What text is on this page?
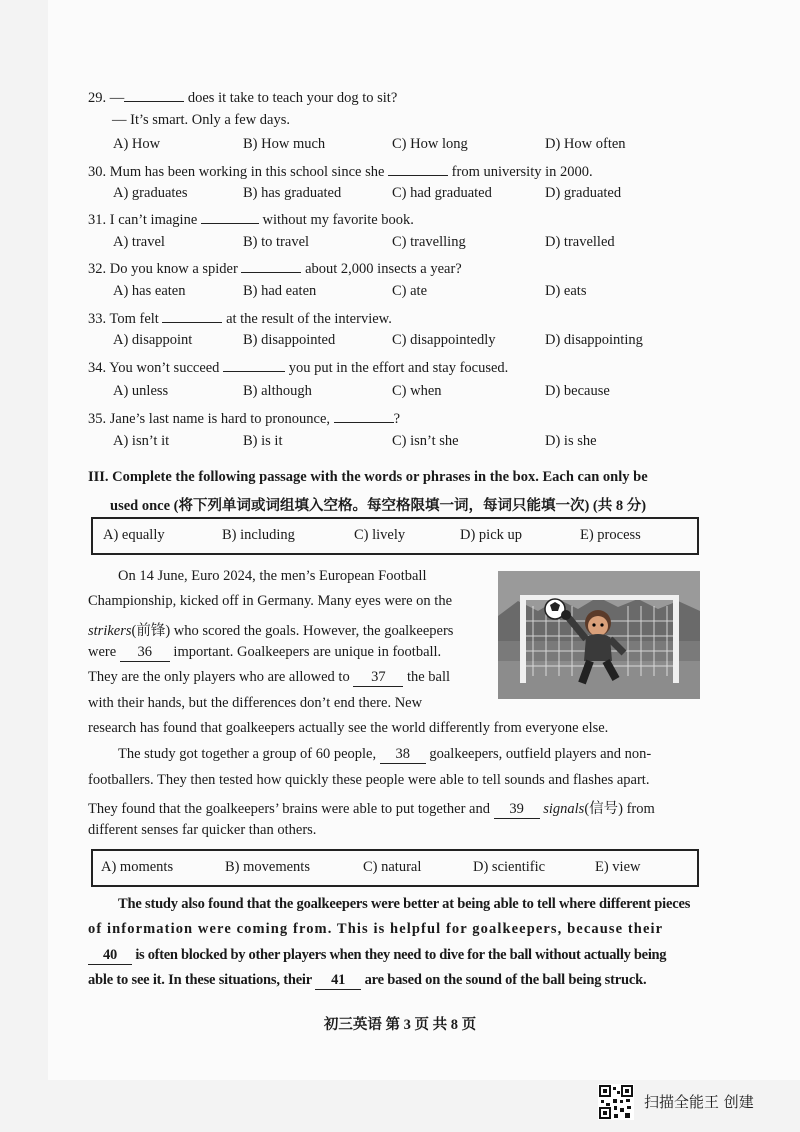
29. —	does it take to teach your dog to sit?
— It’s smart. Only a few days.
A) How	B) How much	C) How long	D) How often
30. Mum has been working in this school since she	from university in 2000.
A) graduates	B) has graduated	C) had graduated	D) graduated
31. I can’t imagine	without my favorite book.
A) travel	B) to travel	C) travelling	D) travelled
32. Do you know a spider	about 2,000 insects a year?
A) has eaten	B) had eaten	C) ate	D) eats
33. Tom felt	at the result of the interview.
A) disappoint	B) disappointed	C) disappointedly	D) disappointing
34. You won’t succeed	you put in the effort and stay focused.
A) unless	B) although	C) when	D) because
35. Jane’s last name is hard to pronounce,	?
A) isn’t it	B) is it	C) isn’t she	D) is she
III. Complete the following passage with the words or phrases in the box. Each can only be
used once (将下列单词或词组填入空格。每空格限填一词，每词只能填一次) (共 8 分)
A) equally	B) including	C) lively	D) pick up	E) process
On 14 June, Euro 2024, the men’s European Football
Championship, kicked off in Germany. Many eyes were on the
strikers(前锋) who scored the goals. However, the goalkeepers
were 36 important. Goalkeepers are unique in football.
They are the only players who are allowed to 37 the ball
with their hands, but the differences don’t end there. New
research has found that goalkeepers actually see the world differently from everyone else.
The study got together a group of 60 people, 38 goalkeepers, outfield players and non-
footballers. They then tested how quickly these people were able to tell sounds and flashes apart.
They found that the goalkeepers’ brains were able to put together and 39 signals(信号) from
different senses far quicker than others.
A) moments	B) movements	C) natural	D) scientific	E) view
The study also found that the goalkeepers were better at being able to tell where different pieces
of information were coming from. This is helpful for goalkeepers, because their
40 is often blocked by other players when they need to dive for the ball without actually being
able to see it. In these situations, their 41 are based on the sound of the ball being struck.
初三英语 第 3 页 共 8 页
扫描全能王 创建
